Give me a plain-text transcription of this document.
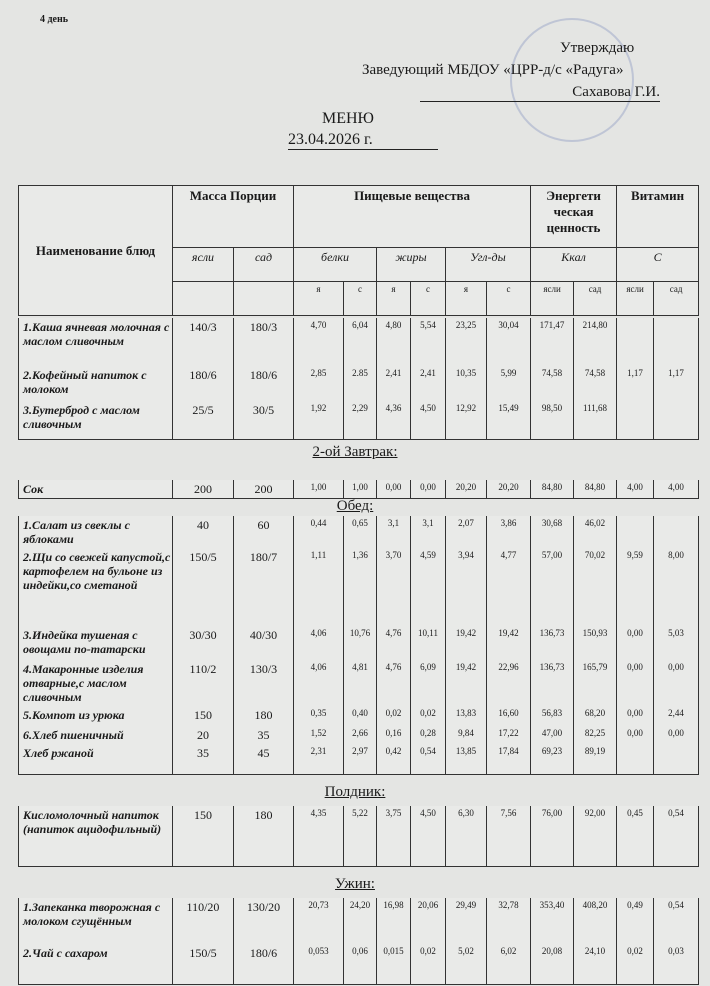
4 день
Утверждаю
Заведующий МБДОУ «ЦРР-д/с «Радуга»
Сахавова Г.И.
МЕНЮ
23.04.2026 г.
Наименование блюд	Масса Порции		Пищевые вещества						Энергети ческая ценность		Витамин	
	ясли	сад	белки		жиры		Угл-ды		Ккал		С	
			я	с	я	с	я	с	ясли	сад	ясли	сад
1.Каша ячневая молочная с маслом сливочным	140/3	180/3	4,70	6,04	4,80	5,54	23,25	30,04	171,47	214,80		
2.Кофейный напиток с молоком	180/6	180/6	2,85	2.85	2,41	2,41	10,35	5,99	74,58	74,58	1,17	1,17
3.Бутерброд с маслом сливочным	25/5	30/5	1,92	2,29	4,36	4,50	12,92	15,49	98,50	111,68		
2-ой Завтрак:
Сок	200	200	1,00	1,00	0,00	0,00	20,20	20,20	84,80	84,80	4,00	4,00
Обед:
1.Салат из свеклы с яблоками	40	60	0,44	0,65	3,1	3,1	2,07	3,86	30,68	46,02		
2.Щи со свежей капустой,с картофелем на бульоне из индейки,со сметаной	150/5	180/7	1,11	1,36	3,70	4,59	3,94	4,77	57,00	70,02	9,59	8,00
3.Индейка тушеная с овощами по-татарски	30/30	40/30	4,06	10,76	4,76	10,11	19,42	19,42	136,73	150,93	0,00	5,03
4.Макаронные изделия отварные,с маслом сливочным	110/2	130/3	4,06	4,81	4,76	6,09	19,42	22,96	136,73	165,79	0,00	0,00
5.Компот из урюка	150	180	0,35	0,40	0,02	0,02	13,83	16,60	56,83	68,20	0,00	2,44
6.Хлеб пшеничный	20	35	1,52	2,66	0,16	0,28	9,84	17,22	47,00	82,25	0,00	0,00
Хлеб ржаной	35	45	2,31	2,97	0,42	0,54	13,85	17,84	69,23	89,19		
Полдник:
Кисломолочный напиток (напиток ацидофильный)	150	180	4,35	5,22	3,75	4,50	6,30	7,56	76,00	92,00	0,45	0,54
Ужин:
1.Запеканка творожная с молоком сгущённым	110/20	130/20	20,73	24,20	16,98	20,06	29,49	32,78	353,40	408,20	0,49	0,54
2.Чай с сахаром	150/5	180/6	0,053	0,06	0,015	0,02	5,02	6,02	20,08	24,10	0,02	0,03
